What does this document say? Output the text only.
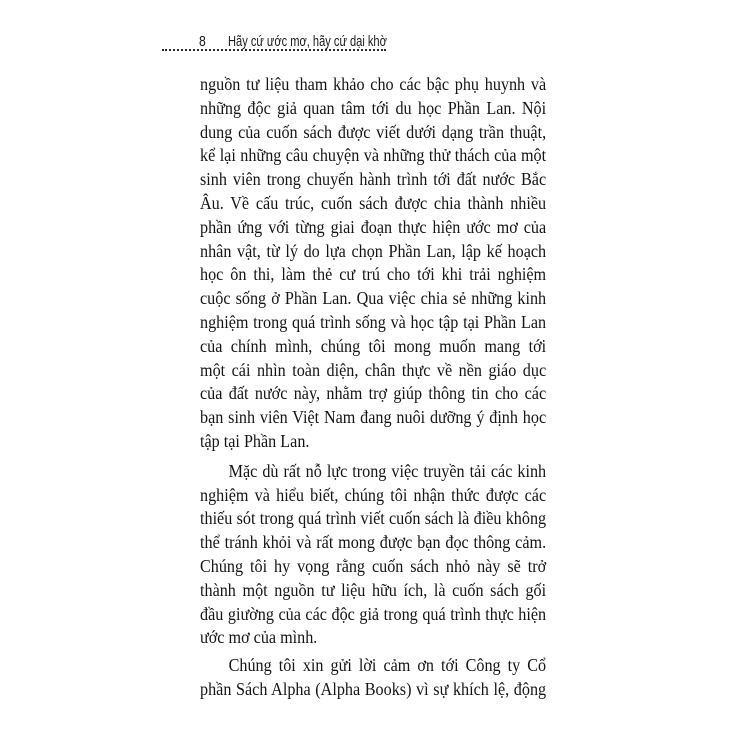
8 Hãy cứ ước mơ, hãy cứ dại khờ
nguồn tư liệu tham khảo cho các bậc phụ huynh và
những độc giả quan tâm tới du học Phần Lan. Nội
dung của cuốn sách được viết dưới dạng trần thuật,
kể lại những câu chuyện và những thử thách của một
sinh viên trong chuyến hành trình tới đất nước Bắc
Âu. Về cấu trúc, cuốn sách được chia thành nhiều
phần ứng với từng giai đoạn thực hiện ước mơ của
nhân vật, từ lý do lựa chọn Phần Lan, lập kế hoạch
học ôn thi, làm thẻ cư trú cho tới khi trải nghiệm
cuộc sống ở Phần Lan. Qua việc chia sẻ những kinh
nghiệm trong quá trình sống và học tập tại Phần Lan
của chính mình, chúng tôi mong muốn mang tới
một cái nhìn toàn diện, chân thực về nền giáo dục
của đất nước này, nhằm trợ giúp thông tin cho các
bạn sinh viên Việt Nam đang nuôi dưỡng ý định học
tập tại Phần Lan.
Mặc dù rất nỗ lực trong việc truyền tải các kinh
nghiệm và hiểu biết, chúng tôi nhận thức được các
thiếu sót trong quá trình viết cuốn sách là điều không
thể tránh khỏi và rất mong được bạn đọc thông cảm.
Chúng tôi hy vọng rằng cuốn sách nhỏ này sẽ trở
thành một nguồn tư liệu hữu ích, là cuốn sách gối
đầu giường của các độc giả trong quá trình thực hiện
ước mơ của mình.
Chúng tôi xin gửi lời cảm ơn tới Công ty Cổ
phần Sách Alpha (Alpha Books) vì sự khích lệ, động
